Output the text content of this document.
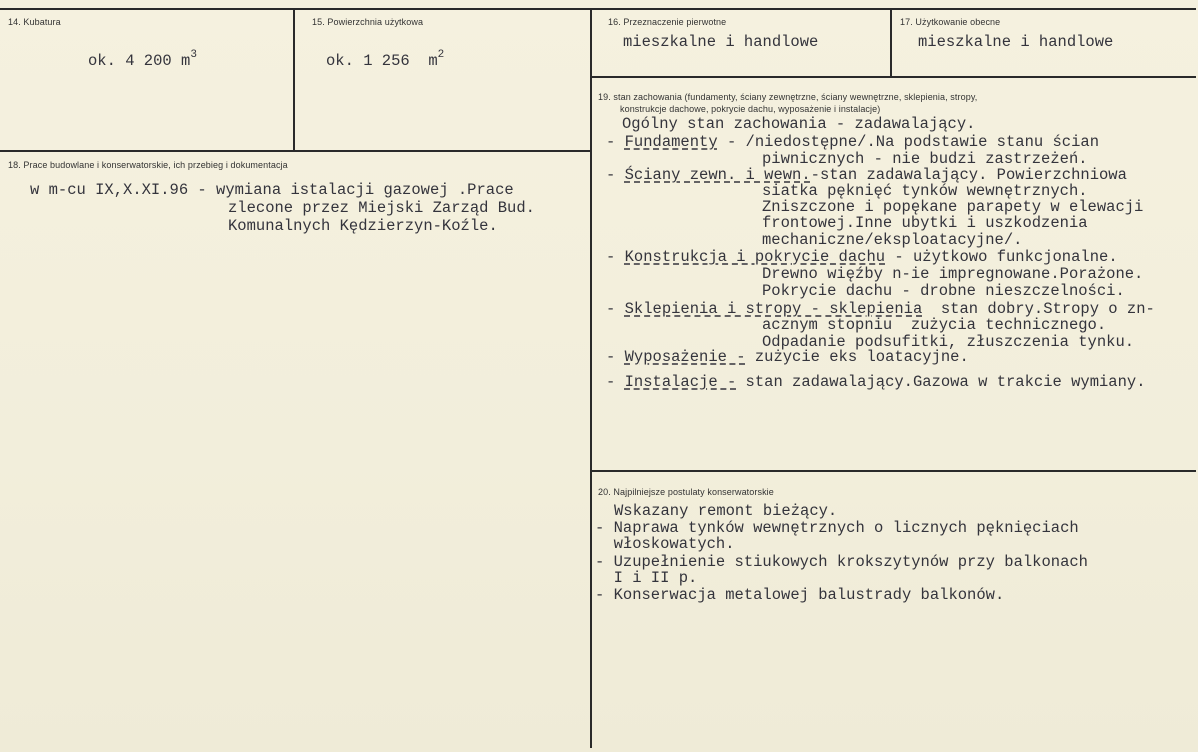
14. Kubatura
ok. 4 200 $m^3$
15. Powierzchnia użytkowa
ok. 1 256  $m^2$
16. Przeznaczenie pierwotne
mieszkalne i handlowe
17. Użytkowanie obecne
mieszkalne i handlowe
18. Prace budowlane i konserwatorskie, ich przebieg i dokumentacja
w m-cu IX,X.XI.96 - wymiana istalacji gazowej .Prace
zlecone przez Miejski Zarząd Bud.
Komunalnych Kędzierzyn-Koźle.
19. stan zachowania (fundamenty, ściany zewnętrzne, ściany wewnętrzne, sklepienia, stropy,
konstrukcje dachowe, pokrycie dachu, wyposażenie i instalacje)
Ogólny stan zachowania - zadawalający.
- Fundamenty - /niedostępne/.Na podstawie stanu ścian
piwnicznych - nie budzi zastrzeżeń.
- Ściany zewn. i wewn.-stan zadawalający. Powierzchniowa
siatka pęknięć tynków wewnętrznych.
Zniszczone i popękane parapety w elewacji
frontowej.Inne ubytki i uszkodzenia
mechaniczne/eksploatacyjne/.
- Konstrukcja i pokrycie dachu - użytkowo funkcjonalne.
Drewno więźby n-ie impregnowane.Porażone.
Pokrycie dachu - drobne nieszczelności.
- Sklepienia i stropy - sklepienia  stan dobry.Stropy o zn-
acznym stopniu  zużycia technicznego.
Odpadanie podsufitki, złuszczenia tynku.
- Wyposażenie - zużycie eks loatacyjne.
- Instalacje - stan zadawalający.Gazowa w trakcie wymiany.
20. Najpilniejsze postulaty konserwatorskie
Wskazany remont bieżący.
- Naprawa tynków wewnętrznych o licznych pęknięciach
włoskowatych.
- Uzupełnienie stiukowych krokszytynów przy balkonach
I i II p.
- Konserwacja metalowej balustrady balkonów.
